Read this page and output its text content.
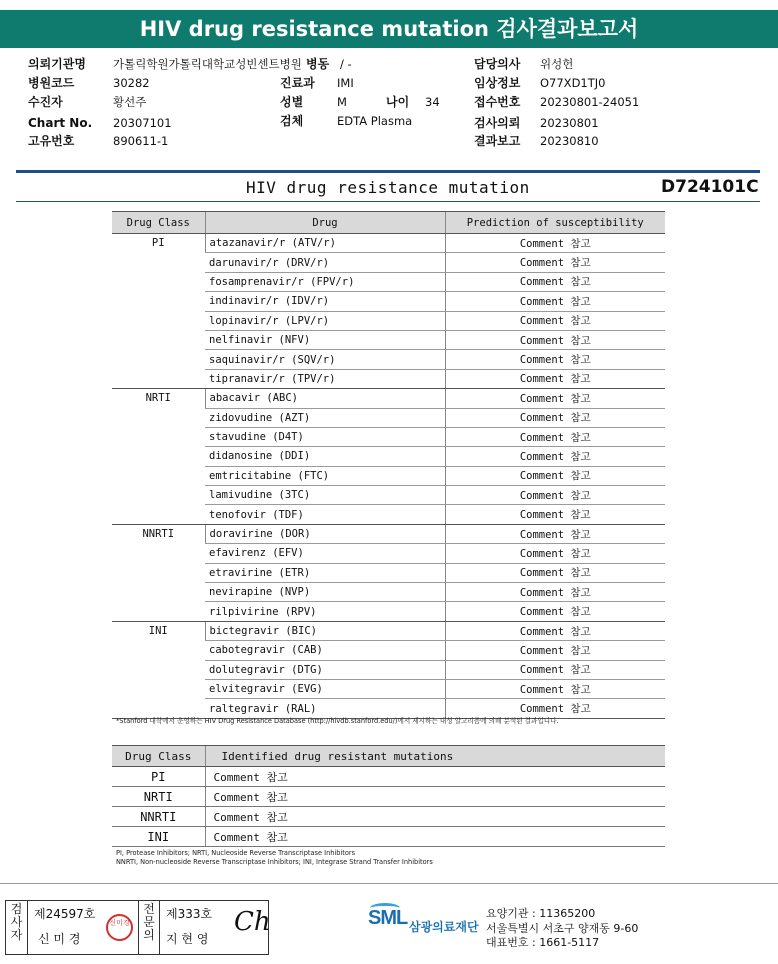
HIV drug resistance mutation 검사결과보고서
의뢰기관명 가톨릭학원가톨릭대학교성빈센트병원 병동 / -	담당의사 위성헌
병원코드	30282	진료과 IMI	임상정보 O77XD1TJ0
수진자	황선주	성별	M	나이 34	접수번호 20230801-24051
Chart No. 20307101	검체	EDTA Plasma	검사의뢰 20230801
고유번호	890611-1	결과보고 20230810
HIV drug resistance mutation	D724101C
Drug Class	Drug	Prediction of susceptibility
PI	atazanavir/r (ATV/r)	Comment 참고
	darunavir/r (DRV/r)	Comment 참고
	fosamprenavir/r (FPV/r)	Comment 참고
	indinavir/r (IDV/r)	Comment 참고
	lopinavir/r (LPV/r)	Comment 참고
	nelfinavir (NFV)	Comment 참고
	saquinavir/r (SQV/r)	Comment 참고
	tipranavir/r (TPV/r)	Comment 참고
NRTI	abacavir (ABC)	Comment 참고
	zidovudine (AZT)	Comment 참고
	stavudine (D4T)	Comment 참고
	didanosine (DDI)	Comment 참고
	emtricitabine (FTC)	Comment 참고
	lamivudine (3TC)	Comment 참고
	tenofovir (TDF)	Comment 참고
NNRTI	doravirine (DOR)	Comment 참고
	efavirenz (EFV)	Comment 참고
	etravirine (ETR)	Comment 참고
	nevirapine (NVP)	Comment 참고
	rilpivirine (RPV)	Comment 참고
INI	bictegravir (BIC)	Comment 참고
	cabotegravir (CAB)	Comment 참고
	dolutegravir (DTG)	Comment 참고
	elvitegravir (EVG)	Comment 참고
	raltegravir (RAL)	Comment 참고
*Stanford 대학에서 운영하는 HIV Drug Resistance Database (http://hivdb.stanford.edu/)에서 제시하는 내성 알고리즘에 의해 분석된 결과입니다.
Drug Class	Identified drug resistant mutations
PI	Comment 참고
NRTI	Comment 참고
NNRTI	Comment 참고
INI	Comment 참고
PI, Protease Inhibitors; NRTI, Nucleoside Reverse Transcriptase Inhibitors
NNRTI, Non-nucleoside Reverse Transcriptase Inhibitors; INI, Integrase Strand Transfer Inhibitors
검사자
제24597호
신 미 경
신미경
전문의
제333호
지 현 영
Ch	SML 삼광의료재단
요양기관 : 11365200
서울특별시 서초구 양재동 9-60
대표번호 : 1661-5117
